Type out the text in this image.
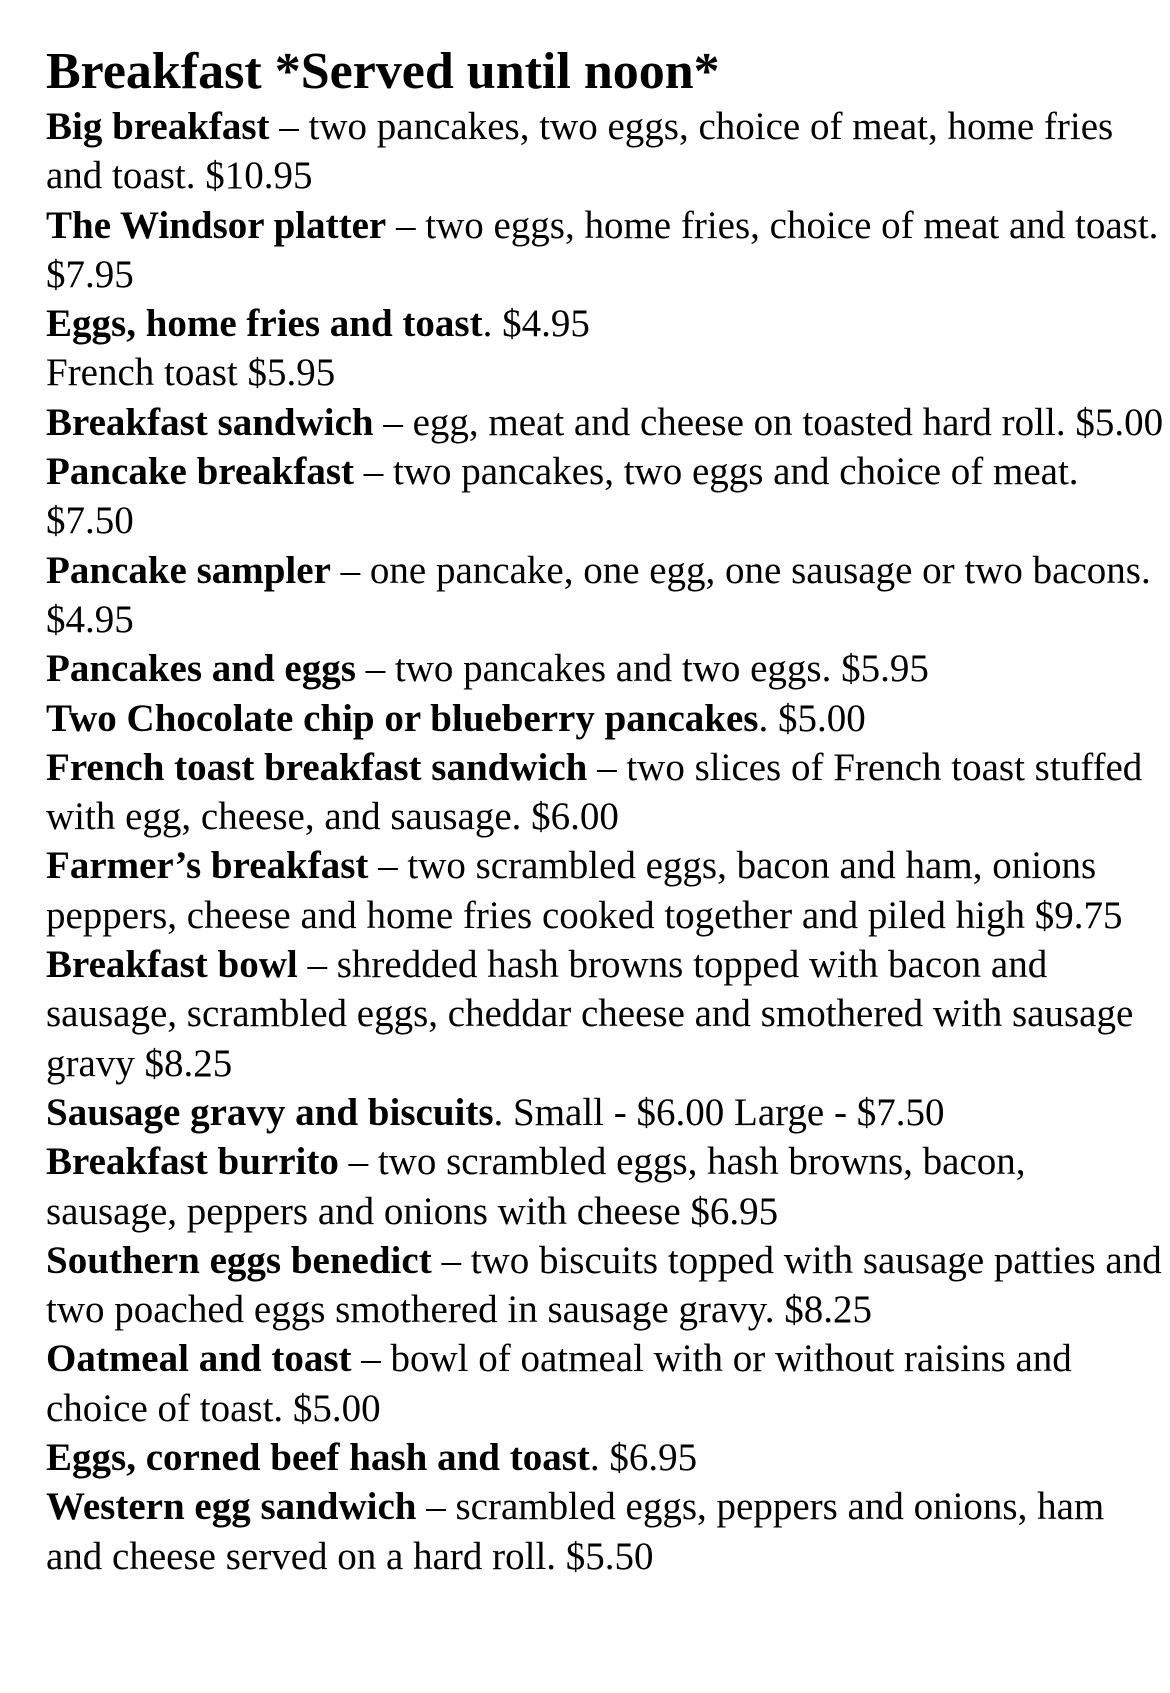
Breakfast *Served until noon*

Big breakfast – two pancakes, two eggs, choice of meat, home fries and toast. $10.95

The Windsor platter – two eggs, home fries, choice of meat and toast. $7.95

Eggs, home fries and toast. $4.95

French toast $5.95

Breakfast sandwich – egg, meat and cheese on toasted hard roll. $5.00

Pancake breakfast – two pancakes, two eggs and choice of meat. $7.50

Pancake sampler – one pancake, one egg, one sausage or two bacons. $4.95

Pancakes and eggs – two pancakes and two eggs. $5.95

Two Chocolate chip or blueberry pancakes. $5.00

French toast breakfast sandwich – two slices of French toast stuffed with egg, cheese, and sausage. $6.00

Farmer’s breakfast – two scrambled eggs, bacon and ham, onions peppers, cheese and home fries cooked together and piled high $9.75

Breakfast bowl – shredded hash browns topped with bacon and sausage, scrambled eggs, cheddar cheese and smothered with sausage gravy $8.25

Sausage gravy and biscuits. Small - $6.00 Large - $7.50

Breakfast burrito – two scrambled eggs, hash browns, bacon, sausage, peppers and onions with cheese $6.95

Southern eggs benedict – two biscuits topped with sausage patties and two poached eggs smothered in sausage gravy. $8.25

Oatmeal and toast – bowl of oatmeal with or without raisins and choice of toast. $5.00

Eggs, corned beef hash and toast. $6.95

Western egg sandwich – scrambled eggs, peppers and onions, ham and cheese served on a hard roll. $5.50
